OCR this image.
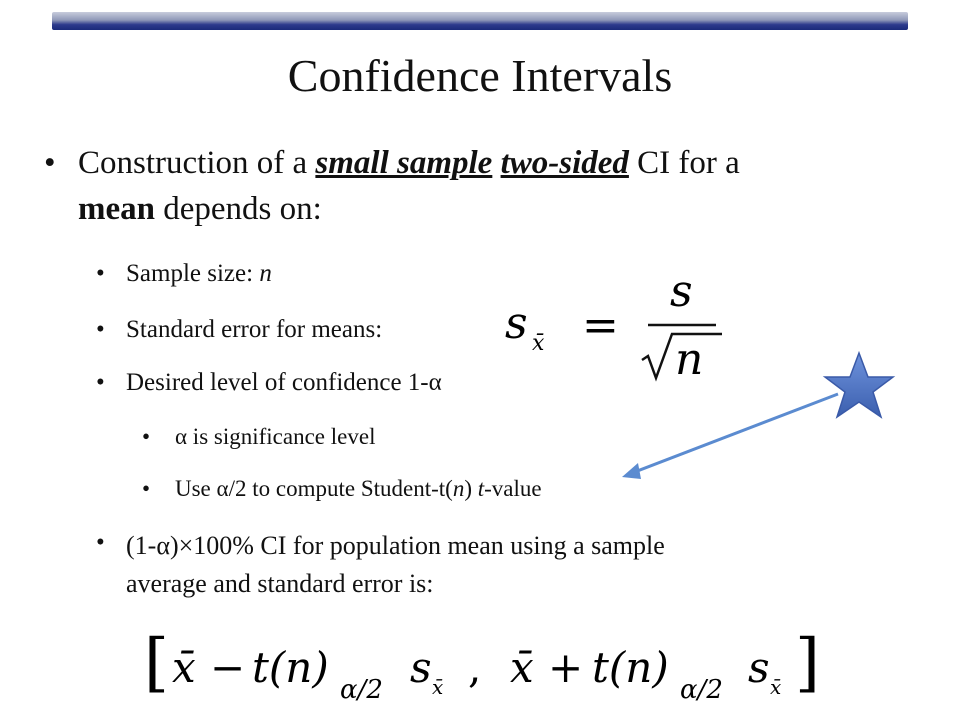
Confidence Intervals
• Construction of a small sample two-sided CI for a
mean depends on:
• Sample size: n
• Standard error for means:
• Desired level of confidence 1-α
• α is significance level
• Use α/2 to compute Student-t(n) t-value
• (1-α)×100% CI for population mean using a sample
average and standard error is:
s x̄ =
s
n
[ x̄ − t(n) α/2 s x̄ , x̄ + t(n) α/2 s x̄ ]
